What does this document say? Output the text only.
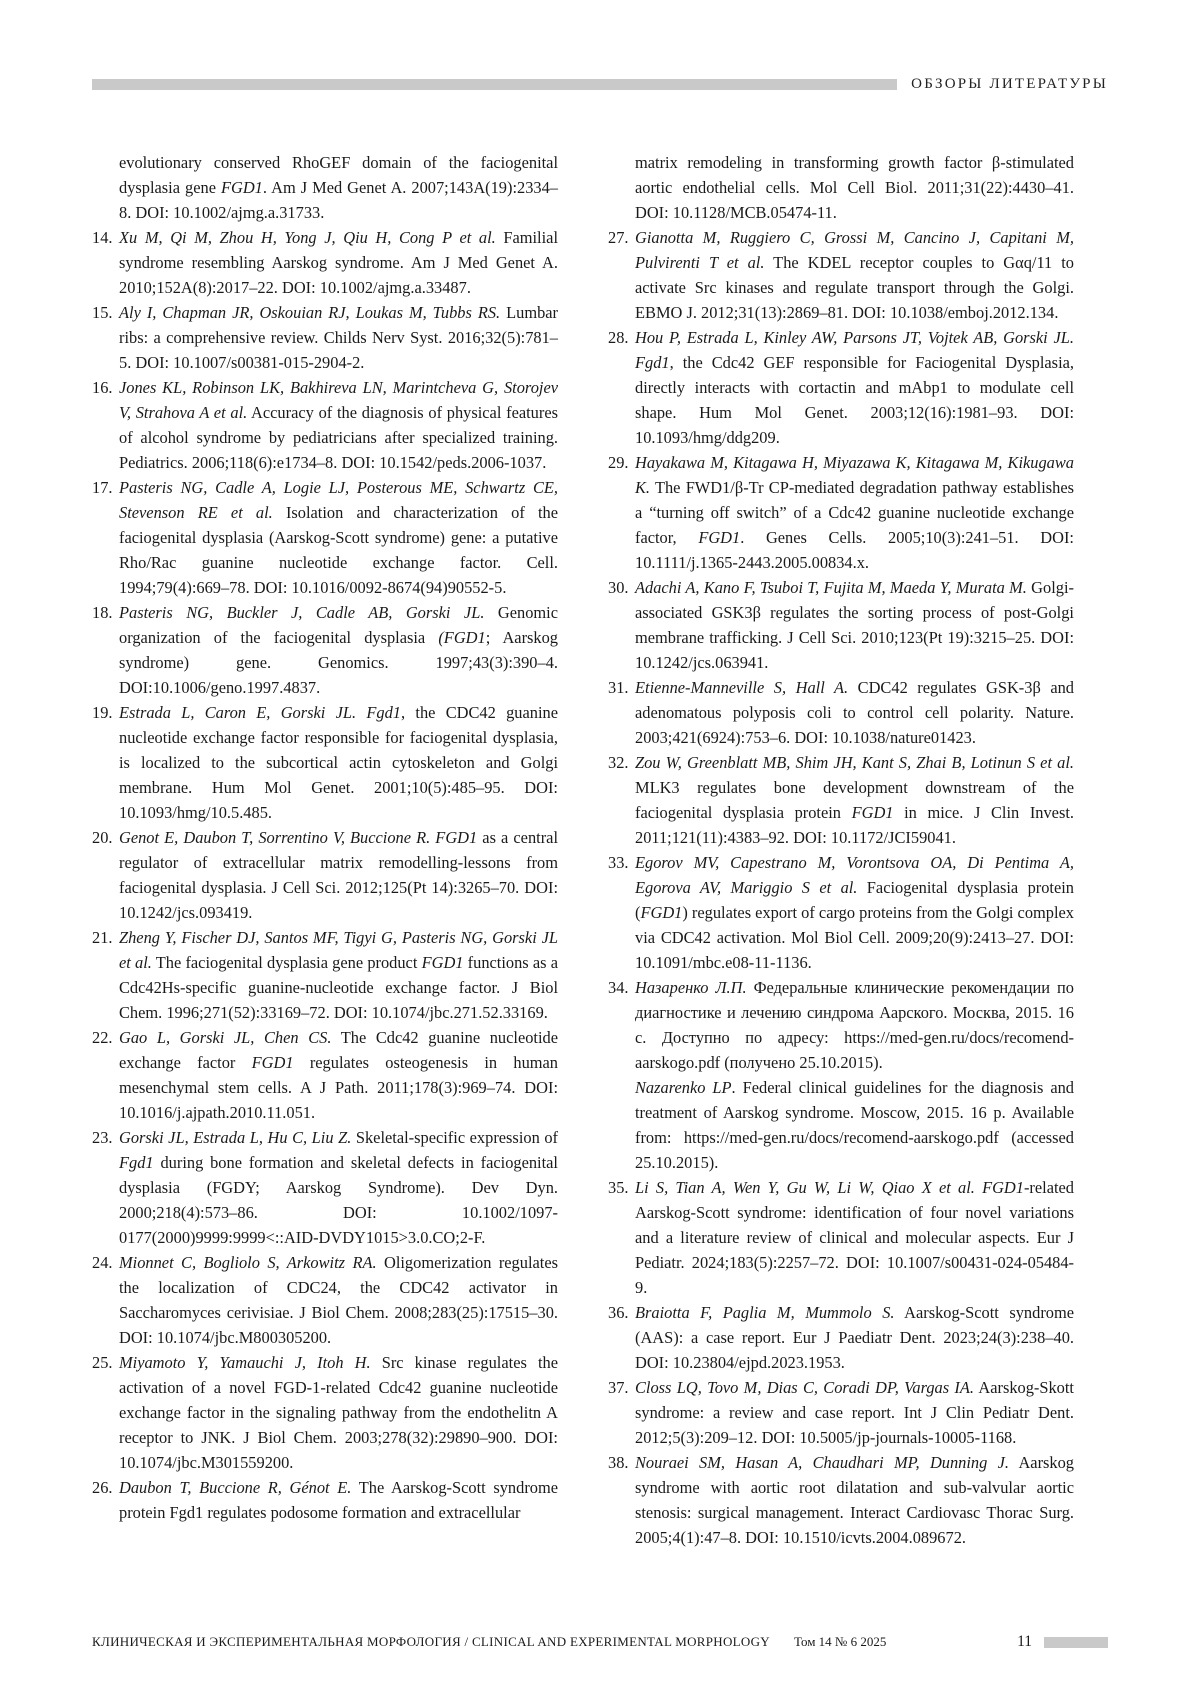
ОБЗОРЫ ЛИТЕРАТУРЫ
evolutionary conserved RhoGEF domain of the faciogenital dysplasia gene FGD1. Am J Med Genet A. 2007;143A(19):2334–8. DOI: 10.1002/ajmg.a.31733.
14. Xu M, Qi M, Zhou H, Yong J, Qiu H, Cong P et al. Familial syndrome resembling Aarskog syndrome. Am J Med Genet A. 2010;152A(8):2017–22. DOI: 10.1002/ajmg.a.33487.
15. Aly I, Chapman JR, Oskouian RJ, Loukas M, Tubbs RS. Lumbar ribs: a comprehensive review. Childs Nerv Syst. 2016;32(5):781–5. DOI: 10.1007/s00381-015-2904-2.
16. Jones KL, Robinson LK, Bakhireva LN, Marintcheva G, Storojev V, Strahova A et al. Accuracy of the diagnosis of physical features of alcohol syndrome by pediatricians after specialized training. Pediatrics. 2006;118(6):e1734–8. DOI: 10.1542/peds.2006-1037.
17. Pasteris NG, Cadle A, Logie LJ, Posterous ME, Schwartz CE, Stevenson RE et al. Isolation and characterization of the faciogenital dysplasia (Aarskog-Scott syndrome) gene: a putative Rho/Rac guanine nucleotide exchange factor. Cell. 1994;79(4):669–78. DOI: 10.1016/0092-8674(94)90552-5.
18. Pasteris NG, Buckler J, Cadle AB, Gorski JL. Genomic organization of the faciogenital dysplasia (FGD1; Aarskog syndrome) gene. Genomics. 1997;43(3):390–4. DOI:10.1006/geno.1997.4837.
19. Estrada L, Caron E, Gorski JL. Fgd1, the CDC42 guanine nucleotide exchange factor responsible for faciogenital dysplasia, is localized to the subcortical actin cytoskeleton and Golgi membrane. Hum Mol Genet. 2001;10(5):485–95. DOI: 10.1093/hmg/10.5.485.
20. Genot E, Daubon T, Sorrentino V, Buccione R. FGD1 as a central regulator of extracellular matrix remodelling-lessons from faciogenital dysplasia. J Cell Sci. 2012;125(Pt 14):3265–70. DOI: 10.1242/jcs.093419.
21. Zheng Y, Fischer DJ, Santos MF, Tigyi G, Pasteris NG, Gorski JL et al. The faciogenital dysplasia gene product FGD1 functions as a Cdc42Hs-specific guanine-nucleotide exchange factor. J Biol Chem. 1996;271(52):33169–72. DOI: 10.1074/jbc.271.52.33169.
22. Gao L, Gorski JL, Chen CS. The Cdc42 guanine nucleotide exchange factor FGD1 regulates osteogenesis in human mesenchymal stem cells. A J Path. 2011;178(3):969–74. DOI: 10.1016/j.ajpath.2010.11.051.
23. Gorski JL, Estrada L, Hu C, Liu Z. Skeletal-specific expression of Fgd1 during bone formation and skeletal defects in faciogenital dysplasia (FGDY; Aarskog Syndrome). Dev Dyn. 2000;218(4):573–86. DOI: 10.1002/1097-0177(2000)9999:9999<::AID-DVDY1015>3.0.CO;2-F.
24. Mionnet C, Bogliolo S, Arkowitz RA. Oligomerization regulates the localization of CDC24, the CDC42 activator in Saccharomyces cerivisiae. J Biol Chem. 2008;283(25):17515–30. DOI: 10.1074/jbc.M800305200.
25. Miyamoto Y, Yamauchi J, Itoh H. Src kinase regulates the activation of a novel FGD-1-related Cdc42 guanine nucleotide exchange factor in the signaling pathway from the endothelitn A receptor to JNK. J Biol Chem. 2003;278(32):29890–900. DOI: 10.1074/jbc.M301559200.
26. Daubon T, Buccione R, Génot E. The Aarskog-Scott syndrome protein Fgd1 regulates podosome formation and extracellular
matrix remodeling in transforming growth factor β-stimulated aortic endothelial cells. Mol Cell Biol. 2011;31(22):4430–41. DOI: 10.1128/MCB.05474-11.
27. Gianotta M, Ruggiero C, Grossi M, Cancino J, Capitani M, Pulvirenti T et al. The KDEL receptor couples to Gαq/11 to activate Src kinases and regulate transport through the Golgi. EBMO J. 2012;31(13):2869–81. DOI: 10.1038/emboj.2012.134.
28. Hou P, Estrada L, Kinley AW, Parsons JT, Vojtek AB, Gorski JL. Fgd1, the Cdc42 GEF responsible for Faciogenital Dysplasia, directly interacts with cortactin and mAbp1 to modulate cell shape. Hum Mol Genet. 2003;12(16):1981–93. DOI: 10.1093/hmg/ddg209.
29. Hayakawa M, Kitagawa H, Miyazawa K, Kitagawa M, Kikugawa K. The FWD1/β-Tr CP-mediated degradation pathway establishes a “turning off switch” of a Cdc42 guanine nucleotide exchange factor, FGD1. Genes Cells. 2005;10(3):241–51. DOI: 10.1111/j.1365-2443.2005.00834.x.
30. Adachi A, Kano F, Tsuboi T, Fujita M, Maeda Y, Murata M. Golgi-associated GSK3β regulates the sorting process of post-Golgi membrane trafficking. J Cell Sci. 2010;123(Pt 19):3215–25. DOI: 10.1242/jcs.063941.
31. Etienne-Manneville S, Hall A. CDC42 regulates GSK-3β and adenomatous polyposis coli to control cell polarity. Nature. 2003;421(6924):753–6. DOI: 10.1038/nature01423.
32. Zou W, Greenblatt MB, Shim JH, Kant S, Zhai B, Lotinun S et al. MLK3 regulates bone development downstream of the faciogenital dysplasia protein FGD1 in mice. J Clin Invest. 2011;121(11):4383–92. DOI: 10.1172/JCI59041.
33. Egorov MV, Capestrano M, Vorontsova OA, Di Pentima A, Egorova AV, Mariggio S et al. Faciogenital dysplasia protein (FGD1) regulates export of cargo proteins from the Golgi complex via CDC42 activation. Mol Biol Cell. 2009;20(9):2413–27. DOI: 10.1091/mbc.e08-11-1136.
34. Назаренко Л.П. Федеральные клинические рекомендации по диагностике и лечению синдрома Аарского. Москва, 2015. 16 с. Доступно по адресу: https://med-gen.ru/docs/recomend-aarskogo.pdf (получено 25.10.2015).
Nazarenko LP. Federal clinical guidelines for the diagnosis and treatment of Aarskog syndrome. Moscow, 2015. 16 p. Available from: https://med-gen.ru/docs/recomend-aarskogo.pdf (accessed 25.10.2015).
35. Li S, Tian A, Wen Y, Gu W, Li W, Qiao X et al. FGD1-related Aarskog-Scott syndrome: identification of four novel variations and a literature review of clinical and molecular aspects. Eur J Pediatr. 2024;183(5):2257–72. DOI: 10.1007/s00431-024-05484-9.
36. Braiotta F, Paglia M, Mummolo S. Aarskog-Scott syndrome (AAS): a case report. Eur J Paediatr Dent. 2023;24(3):238–40. DOI: 10.23804/ejpd.2023.1953.
37. Closs LQ, Tovo M, Dias C, Coradi DP, Vargas IA. Aarskog-Skott syndrome: a review and case report. Int J Clin Pediatr Dent. 2012;5(3):209–12. DOI: 10.5005/jp-journals-10005-1168.
38. Nouraei SM, Hasan A, Chaudhari MP, Dunning J. Aarskog syndrome with aortic root dilatation and sub-valvular aortic stenosis: surgical management. Interact Cardiovasc Thorac Surg. 2005;4(1):47–8. DOI: 10.1510/icvts.2004.089672.
КЛИНИЧЕСКАЯ И ЭКСПЕРИМЕНТАЛЬНАЯ МОРФОЛОГИЯ / CLINICAL AND EXPERIMENTAL MORPHOLOGY Том 14 № 6 2025	11
